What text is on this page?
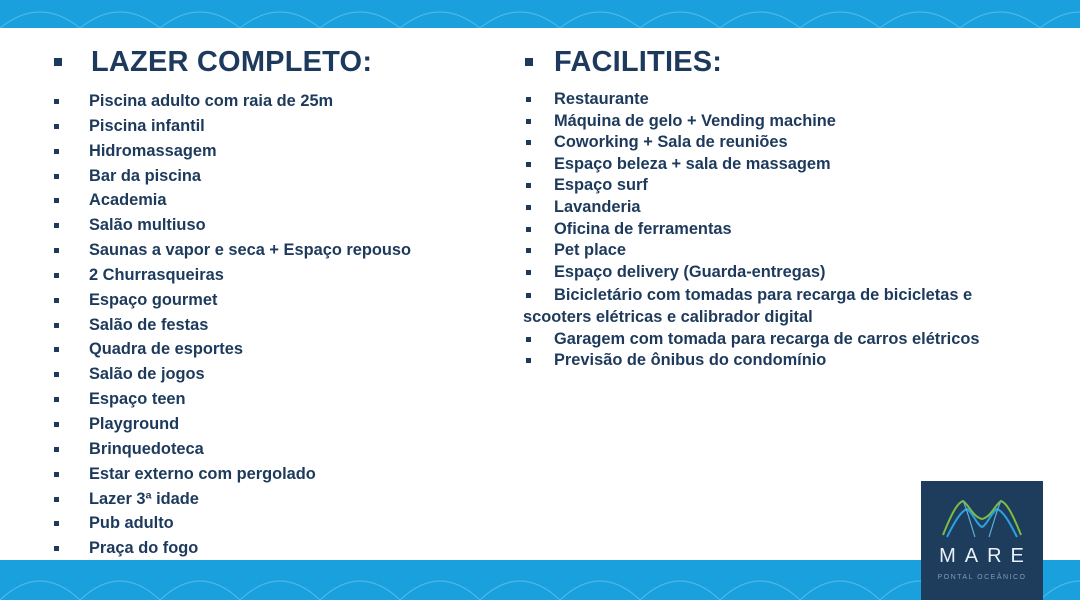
LAZER COMPLETO:
Piscina adulto com raia de 25m
Piscina infantil
Hidromassagem
Bar da piscina
Academia
Salão multiuso
Saunas a vapor e seca + Espaço repouso
2 Churrasqueiras
Espaço gourmet
Salão de festas
Quadra de esportes
Salão de jogos
Espaço teen
Playground
Brinquedoteca
Estar externo com pergolado
Lazer 3ª idade
Pub adulto
Praça do fogo
FACILITIES:
Restaurante
Máquina de gelo + Vending machine
Coworking + Sala de reuniões
Espaço beleza + sala de massagem
Espaço surf
Lavanderia
Oficina de ferramentas
Pet place
Espaço delivery (Guarda-entregas)
Bicicletário com tomadas para recarga de bicicletas e scooters elétricas e calibrador digital
Garagem com tomada para recarga de carros elétricos
Previsão de ônibus do condomínio
MARE
PONTAL OCEÂNICO
